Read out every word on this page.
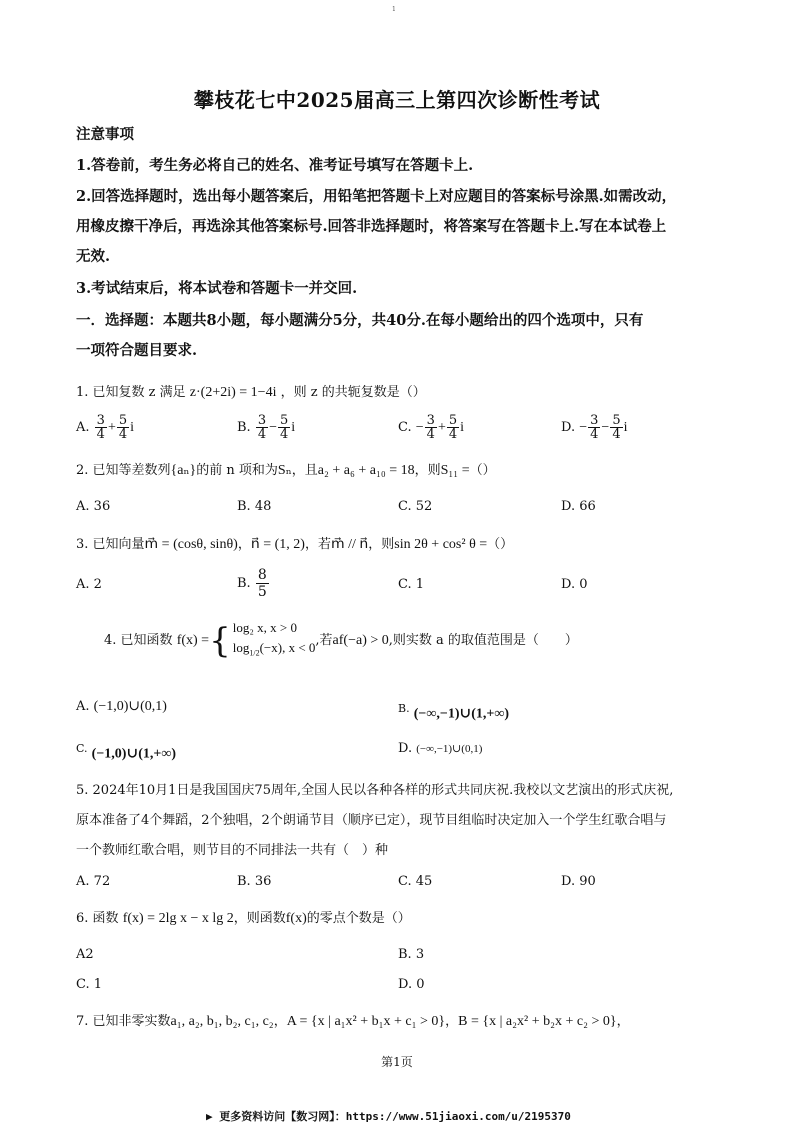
1
攀枝花七中2025届高三上第四次诊断性考试
注意事项
1.答卷前，考生务必将自己的姓名、准考证号填写在答题卡上.
2.回答选择题时，选出每小题答案后，用铅笔把答题卡上对应题目的答案标号涂黑.如需改动，
用橡皮擦干净后，再选涂其他答案标号.回答非选择题时，将答案写在答题卡上.写在本试卷上
无效.
3.考试结束后，将本试卷和答题卡一并交回.
一．选择题：本题共8小题，每小题满分5分，共40分.在每小题给出的四个选项中，只有
一项符合题目要求.
1. 已知复数 z 满足 z·(2+2i) = 1−4i ，则 z 的共轭复数是（）
A. $\frac{3}{4} + \frac{5}{4}$ i	B. $\frac{3}{4} - \frac{5}{4}$ i	C. − $\frac{3}{4} + \frac{5}{4}$ i	D. − $\frac{3}{4} - \frac{5}{4}$ i
2. 已知等差数列{aₙ}的前 n 项和为Sₙ，且a₂ + a₆ + a₁₀ = 18，则S₁₁ =（）
A. 36	B. 48	C. 52	D. 66
3. 已知向量m⃗ = (cosθ, sinθ)，n⃗ = (1, 2)，若m⃗ // n⃗，则sin 2θ + cos² θ =（）
A. 2	B. $\frac{8}{5}$	C. 1	D. 0
4. 已知函数 f(x) ={ log₂ x, x > 0
$\log_{1/2}(-x)$, x < 0 ,若af(−a) > 0,则实数 a 的取值范围是（　　）
A. (−1,0)∪(0,1)	$^{B.}$ (−∞,−1)∪(1,+∞)
$^{C.}$ (−1,0)∪(1,+∞)	D. (−∞,−1)∪(0,1)
5. 2024年10月1日是我国国庆75周年,全国人民以各种各样的形式共同庆祝.我校以文艺演出的形式庆祝,
原本准备了4个舞蹈，2个独唱，2个朗诵节目（顺序已定），现节目组临时决定加入一个学生红歌合唱与
一个教师红歌合唱，则节目的不同排法一共有（　）种
A. 72	B. 36	C. 45	D. 90
6. 函数 f(x) = 2lg x − x lg 2，则函数f(x)的零点个数是（）
A2	B. 3
C. 1	D. 0
7. 已知非零实数a₁, a₂, b₁, b₂, c₁, c₂，A = {x | a₁x² + b₁x + c₁ > 0}，B = {x | a₂x² + b₂x + c₂ > 0}，
第1页
▶ 更多资料访问【数习网】：https://www.51jiaoxi.com/u/2195370
